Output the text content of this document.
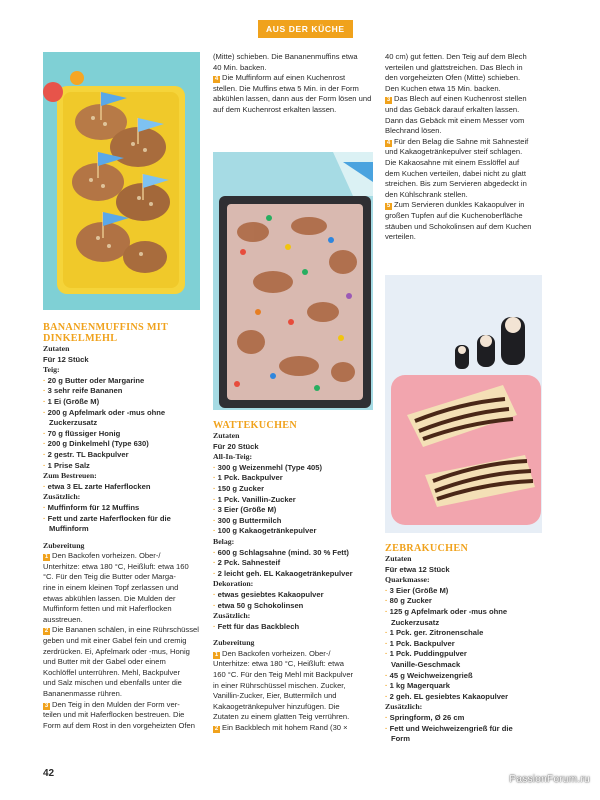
AUS DER KÜCHE

BANANENMUFFINS MIT

DINKELMEHL

Zutaten

Für 12 Stück

Teig:

· 20 g Butter oder Margarine

· 3 sehr reife Bananen

· 1 Ei (Größe M)

· 200 g Apfelmark oder -mus ohne

Zuckerzusatz

· 70 g flüssiger Honig

· 200 g Dinkelmehl (Type 630)

· 2 gestr. TL Backpulver

· 1 Prise Salz

Zum Bestreuen:

· etwa 3 EL zarte Haferflocken

Zusätzlich:

· Muffinform für 12 Muffins

· Fett und zarte Haferflocken für die

Muffinform

Zubereitung

1 Den Backofen vorheizen. Ober-/

Unterhitze: etwa 180 °C, Heißluft: etwa 160

°C. Für den Teig die Butter oder Marga-

rine in einem kleinen Topf zerlassen und

etwas abkühlen lassen. Die Mulden der

Muffinform fetten und mit Haferflocken

ausstreuen.

2 Die Bananen schälen, in eine Rührschüssel

geben und mit einer Gabel fein und cremig

zerdrücken. Ei, Apfelmark oder -mus, Honig

und Butter mit der Gabel oder einem

Kochlöffel unterrühren. Mehl, Backpulver

und Salz mischen und ebenfalls unter die

Bananenmasse rühren.

3 Den Teig in den Mulden der Form ver-

teilen und mit Haferflocken bestreuen. Die

Form auf dem Rost in den vorgeheizten Ofen

(Mitte) schieben. Die Bananenmuffins etwa

40 Min. backen.

4 Die Muffinform auf einen Kuchenrost

stellen. Die Muffins etwa 5 Min. in der Form

abkühlen lassen, dann aus der Form lösen und

auf dem Kuchenrost erkalten lassen.

WATTEKUCHEN

Zutaten

Für 20 Stück

All-In-Teig:

· 300 g Weizenmehl (Type 405)

· 1 Pck. Backpulver

· 150 g Zucker

· 1 Pck. Vanillin-Zucker

· 3 Eier (Größe M)

· 300 g Buttermilch

· 100 g Kakaogetränkepulver

Belag:

· 600 g Schlagsahne (mind. 30 % Fett)

· 2 Pck. Sahnesteif

· 2 leicht geh. EL Kakaogetränkepulver

Dekoration:

· etwas gesiebtes Kakaopulver

· etwa 50 g Schokolinsen

Zusätzlich:

· Fett für das Backblech

Zubereitung

1 Den Backofen vorheizen. Ober-/

Unterhitze: etwa 180 °C, Heißluft: etwa

160 °C. Für den Teig Mehl mit Backpulver

in einer Rührschüssel mischen. Zucker,

Vanillin-Zucker, Eier, Buttermilch und

Kakaogetränkepulver hinzufügen. Die

Zutaten zu einem glatten Teig verrühren.

2 Ein Backblech mit hohem Rand (30 ×

40 cm) gut fetten. Den Teig auf dem Blech

verteilen und glattstreichen. Das Blech in

den vorgeheizten Ofen (Mitte) schieben.

Den Kuchen etwa 15 Min. backen.

3 Das Blech auf einen Kuchenrost stellen

und das Gebäck darauf erkalten lassen.

Dann das Gebäck mit einem Messer vom

Blechrand lösen.

4 Für den Belag die Sahne mit Sahnesteif

und Kakaogetränkepulver steif schlagen.

Die Kakaosahne mit einem Esslöffel auf

dem Kuchen verteilen, dabei nicht zu glatt

streichen. Bis zum Servieren abgedeckt in

den Kühlschrank stellen.

5 Zum Servieren dunkles Kakaopulver in

großen Tupfen auf die Kuchenoberfläche

stäuben und Schokolinsen auf dem Kuchen

verteilen.

ZEBRAKUCHEN

Zutaten

Für etwa 12 Stück

Quarkmasse:

· 3 Eier (Größe M)

· 80 g Zucker

· 125 g Apfelmark oder -mus ohne

Zuckerzusatz

· 1 Pck. ger. Zitronenschale

· 1 Pck. Backpulver

· 1 Pck. Puddingpulver

Vanille-Geschmack

· 45 g Weichweizengrieß

· 1 kg Magerquark

· 2 geh. EL gesiebtes Kakaopulver

Zusätzlich:

· Springform, Ø 26 cm

· Fett und Weichweizengrieß für die

Form

42
PassionForum.ru
